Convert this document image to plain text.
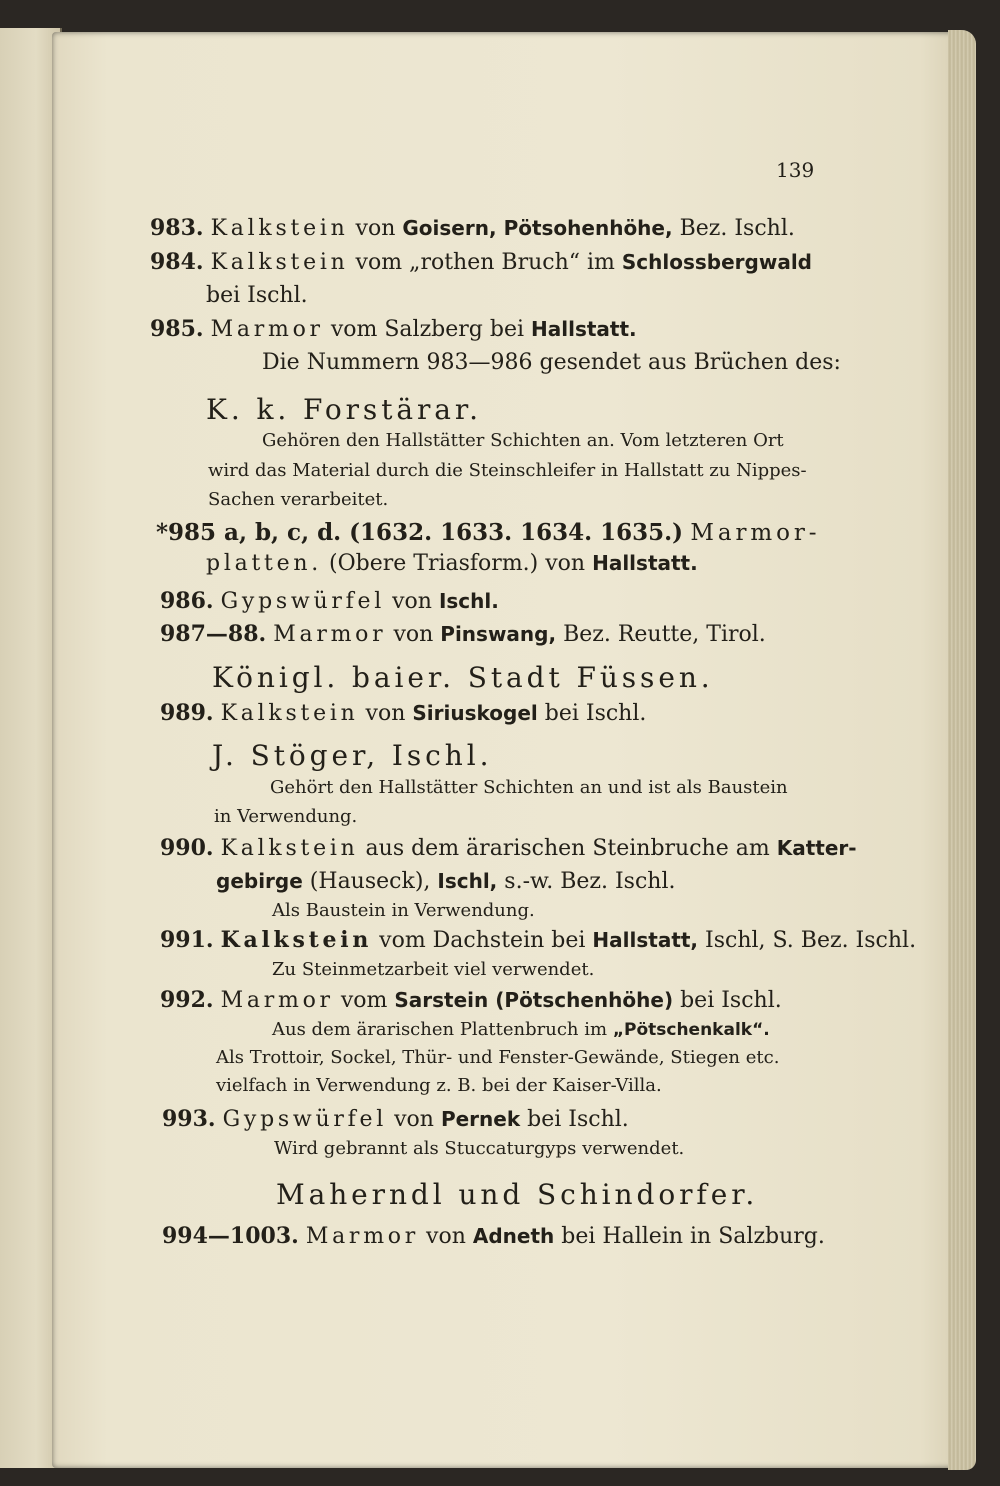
139
983. Kalkstein von Goisern, Pötsohenhöhe, Bez. Ischl.
984. Kalkstein vom „rothen Bruch“ im Schlossbergwald
bei Ischl.
985. Marmor vom Salzberg bei Hallstatt.
Die Nummern 983—986 gesendet aus Brüchen des:
K. k. Forstärar.
Gehören den Hallstätter Schichten an. Vom letzteren Ort
wird das Material durch die Steinschleifer in Hallstatt zu Nippes-
Sachen verarbeitet.
*985 a, b, c, d. (1632. 1633. 1634. 1635.) Marmor-
platten. (Obere Triasform.) von Hallstatt.
986. Gypswürfel von Ischl.
987—88. Marmor von Pinswang, Bez. Reutte, Tirol.
Königl. baier. Stadt Füssen.
989. Kalkstein von Siriuskogel bei Ischl.
J. Stöger, Ischl.
Gehört den Hallstätter Schichten an und ist als Baustein
in Verwendung.
990. Kalkstein aus dem ärarischen Steinbruche am Katter-
gebirge (Hauseck), Ischl, s.-w. Bez. Ischl.
Als Baustein in Verwendung.
991. Kalkstein vom Dachstein bei Hallstatt, Ischl, S. Bez. Ischl.
Zu Steinmetzarbeit viel verwendet.
992. Marmor vom Sarstein (Pötschenhöhe) bei Ischl.
Aus dem ärarischen Plattenbruch im „Pötschenkalk“.
Als Trottoir, Sockel, Thür- und Fenster-Gewände, Stiegen etc.
vielfach in Verwendung z. B. bei der Kaiser-Villa.
993. Gypswürfel von Pernek bei Ischl.
Wird gebrannt als Stuccaturgyps verwendet.
Maherndl und Schindorfer.
994—1003. Marmor von Adneth bei Hallein in Salzburg.
